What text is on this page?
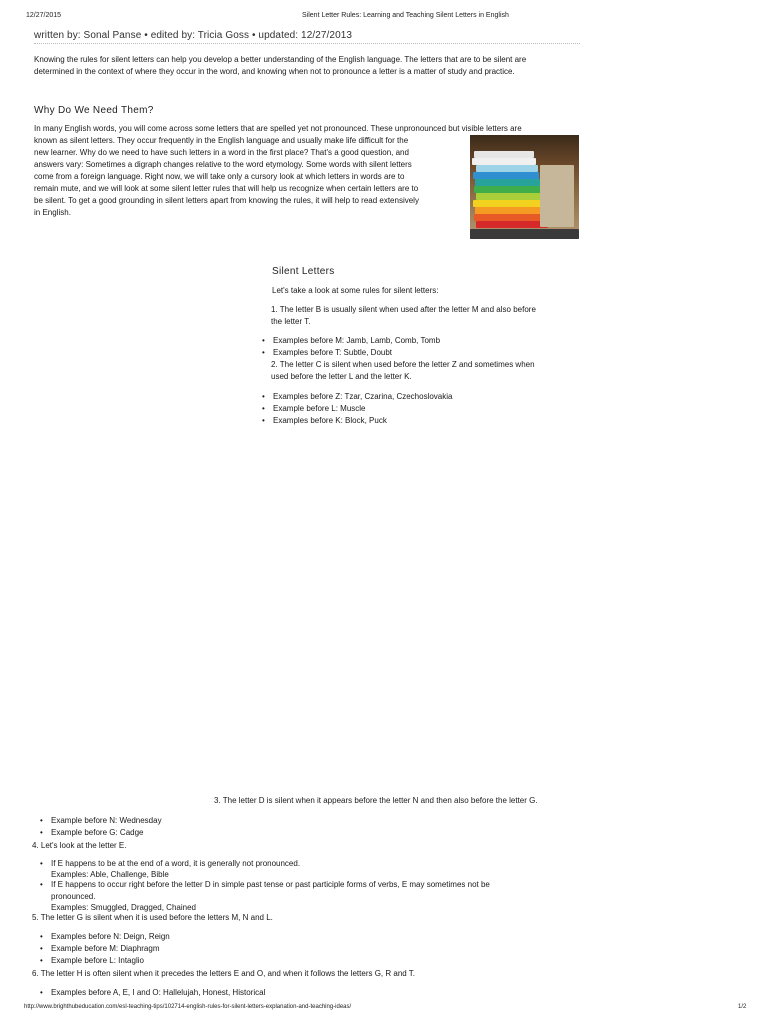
12/27/2015	Silent Letter Rules: Learning and Teaching Silent Letters in English
written by: Sonal Panse • edited by: Tricia Goss • updated: 12/27/2013
Knowing the rules for silent letters can help you develop a better understanding of the English language. The letters that are to be silent are determined in the context of where they occur in the word, and knowing when not to pronounce a letter is a matter of study and practice.
Why Do We Need Them?
In many English words, you will come across some letters that are spelled yet not pronounced. These unpronounced but visible letters are
known as silent letters. They occur frequently in the English language and usually make life difficult for the
new learner. Why do we need to have such letters in a word in the first place? That's a good question, and
answers vary: Sometimes a digraph changes relative to the word etymology. Some words with silent letters
come from a foreign language. Right now, we will take only a cursory look at which letters in words are to
remain mute, and we will look at some silent letter rules that will help us recognize when certain letters are to
be silent. To get a good grounding in silent letters apart from knowing the rules, it will help to read extensively
in English.
Silent Letters
Let's take a look at some rules for silent letters:
1. The letter B is usually silent when used after the letter M and also before
the letter T.
• Examples before M: Jamb, Lamb, Comb, Tomb
• Examples before T: Subtle, Doubt
2. The letter C is silent when used before the letter Z and sometimes when
used before the letter L and the letter K.
• Examples before Z: Tzar, Czarina, Czechoslovakia
• Example before L: Muscle
• Examples before K: Block, Puck
3. The letter D is silent when it appears before the letter N and then also before the letter G.
• Example before N: Wednesday
• Example before G: Cadge
4. Let's look at the letter E.
• If E happens to be at the end of a word, it is generally not pronounced.
Examples: Able, Challenge, Bible
• If E happens to occur right before the letter D in simple past tense or past participle forms of verbs, E may sometimes not be
pronounced.
Examples: Smuggled, Dragged, Chained
5. The letter G is silent when it is used before the letters M, N and L.
• Examples before N: Deign, Reign
• Example before M: Diaphragm
• Example before L: Intaglio
6. The letter H is often silent when it precedes the letters E and O, and when it follows the letters G, R and T.
• Examples before A, E, I and O: Hallelujah, Honest, Historical
http://www.brighthubeducation.com/esl-teaching-tips/102714-english-rules-for-silent-letters-explanation-and-teaching-ideas/	1/2
